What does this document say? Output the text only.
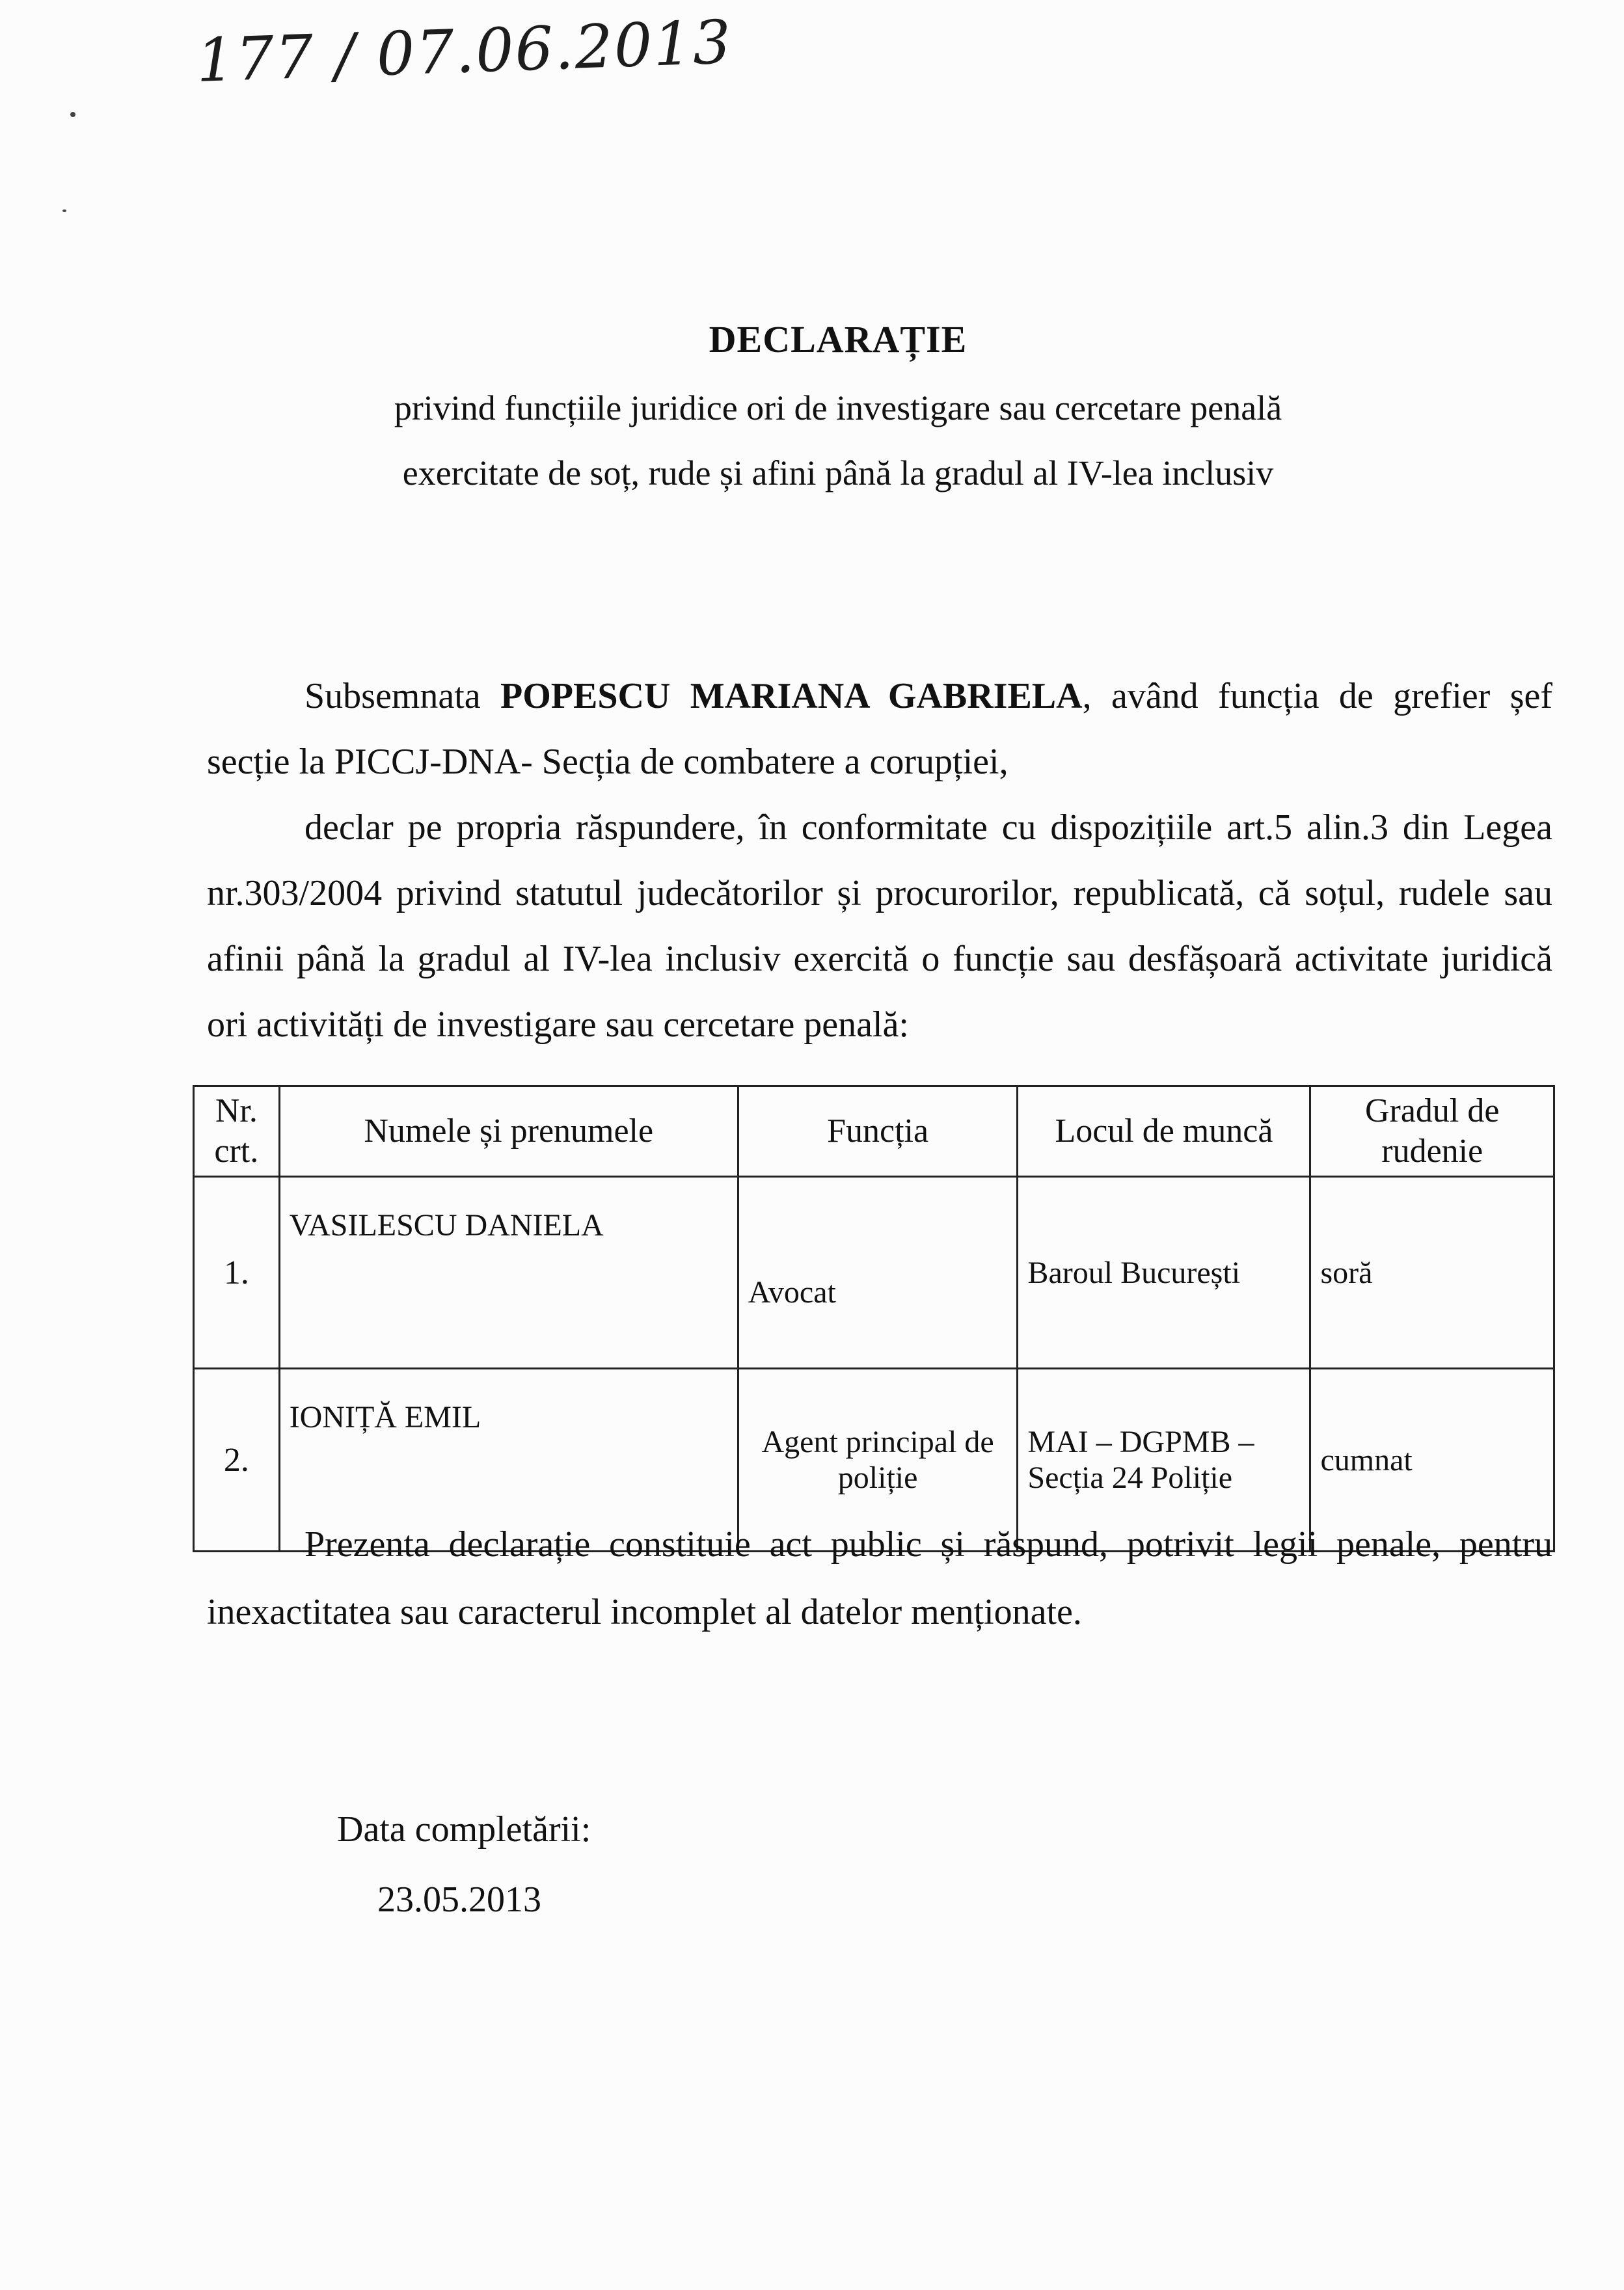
177 / 07.06.2013
DECLARAȚIE
privind funcțiile juridice ori de investigare sau cercetare penală
exercitate de soț, rude și afini până la gradul al IV-lea inclusiv
Subsemnata POPESCU MARIANA GABRIELA, având funcția de grefier șef secție la PICCJ-DNA- Secția de combatere a corupției,
declar pe propria răspundere, în conformitate cu dispozițiile art.5 alin.3 din Legea nr.303/2004 privind statutul judecătorilor și procurorilor, republicată, că soțul, rudele sau afinii până la gradul al IV-lea inclusiv exercită o funcție sau desfășoară activitate juridică ori activități de investigare sau cercetare penală:
Nr. crt.	Numele și prenumele	Funcția	Locul de muncă	Gradul de rudenie
1.	VASILESCU DANIELA	Avocat	Baroul București	soră
2.	IONIȚĂ EMIL	Agent principal de poliție	MAI – DGPMB – Secția 24 Poliție	cumnat
Prezenta declarație constituie act public și răspund, potrivit legii penale, pentru inexactitatea sau caracterul incomplet al datelor menționate.
Data completării:
23.05.2013
